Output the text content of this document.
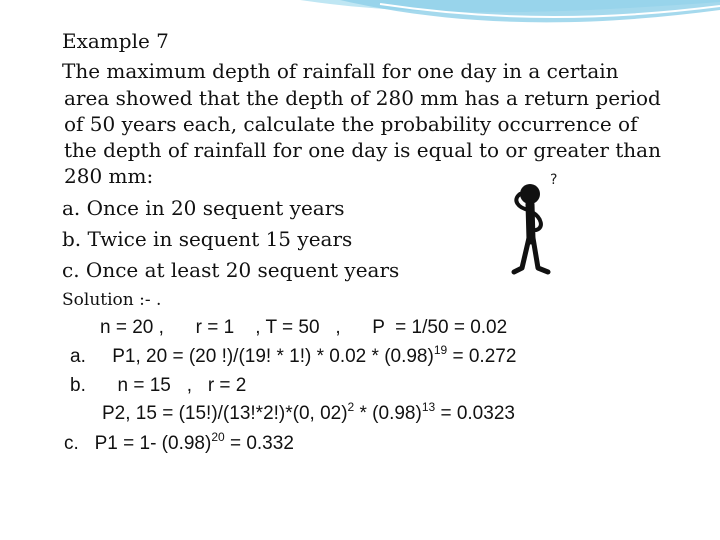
Example 7
The maximum depth of rainfall for one day in a certain
area showed that the depth of 280 mm has a return period
of 50 years each, calculate the probability occurrence of
the depth of rainfall for one day is equal to or greater than
280 mm:
a. Once in 20 sequent years
b. Twice in sequent 15 years
c. Once at least 20 sequent years
Solution :- .
n = 20 ,      r = 1    , T = 50   ,      P  = 1/50 = 0.02
a.     P1, 20 = (20 !)/(19! * $1!) * 0.02 * (0.98)^{19} = 0.272$
b.      n = 15   ,   r = 2
P2, 15 = (15!)/(13!*2!)*(0, $02)^2 * (0.98)^{13} = 0.0323$
c.   P1 = 1- $(0.98)^{20} = 0.332$
?
